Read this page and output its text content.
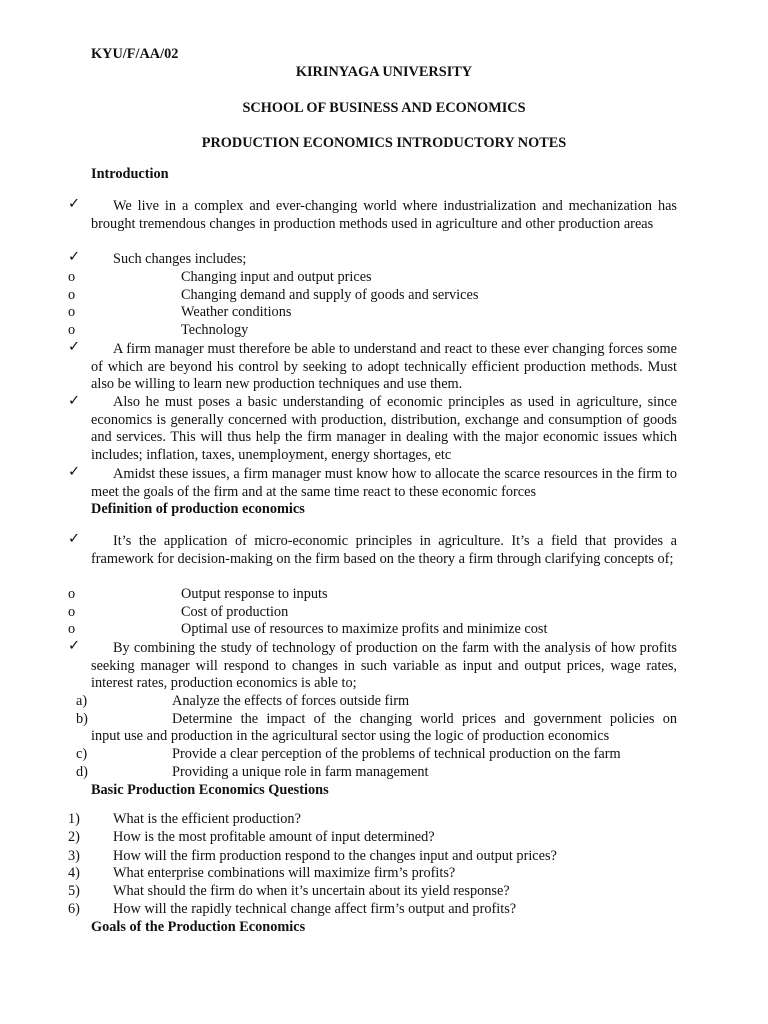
KYU/F/AA/02
KIRINYAGA UNIVERSITY
SCHOOL OF BUSINESS AND ECONOMICS
PRODUCTION ECONOMICS INTRODUCTORY NOTES
Introduction
✓	We live in a complex and ever-changing world where industrialization and mechanization has brought tremendous changes in production methods used in agriculture and other production areas
✓	Such changes includes;
o	Changing input and output prices
o	Changing demand and supply of goods and services
o	Weather conditions
o	Technology
✓	A firm manager must therefore be able to understand and react to these ever changing forces some of which are beyond his control by seeking to adopt technically efficient production methods. Must also be willing to learn new production techniques and use them.
✓	Also he must poses a basic understanding of economic principles as used in agriculture, since economics is generally concerned with production, distribution, exchange and consumption of goods and services. This will thus help the firm manager in dealing with the major economic issues which includes; inflation, taxes, unemployment, energy shortages, etc
✓	Amidst these issues, a firm manager must know how to allocate the scarce resources in the firm to meet the goals of the firm and at the same time react to these economic forces
Definition of production economics
✓	It’s the application of micro-economic principles in agriculture. It’s a field that provides a framework for decision-making on the firm based on the theory a firm through clarifying concepts of;
o	Output response to inputs
o	Cost of production
o	Optimal use of resources to maximize profits and minimize cost
✓	By combining the study of technology of production on the farm with the analysis of how profits seeking manager will respond to changes in such variable as input and output prices, wage rates, interest rates, production economics is able to;
a)	Analyze the effects of forces outside firm
b)	Determine the impact of the changing world prices and government policies on
input use and production in the agricultural sector using the logic of production economics
c)	Provide a clear perception of the problems of technical production on the farm
d)	Providing a unique role in farm management
Basic Production Economics Questions
1) What is the efficient production?
2) How is the most profitable amount of input determined?
3) How will the firm production respond to the changes input and output prices?
4) What enterprise combinations will maximize firm’s profits?
5) What should the firm do when it’s uncertain about its yield response?
6) How will the rapidly technical change affect firm’s output and profits?
Goals of the Production Economics
